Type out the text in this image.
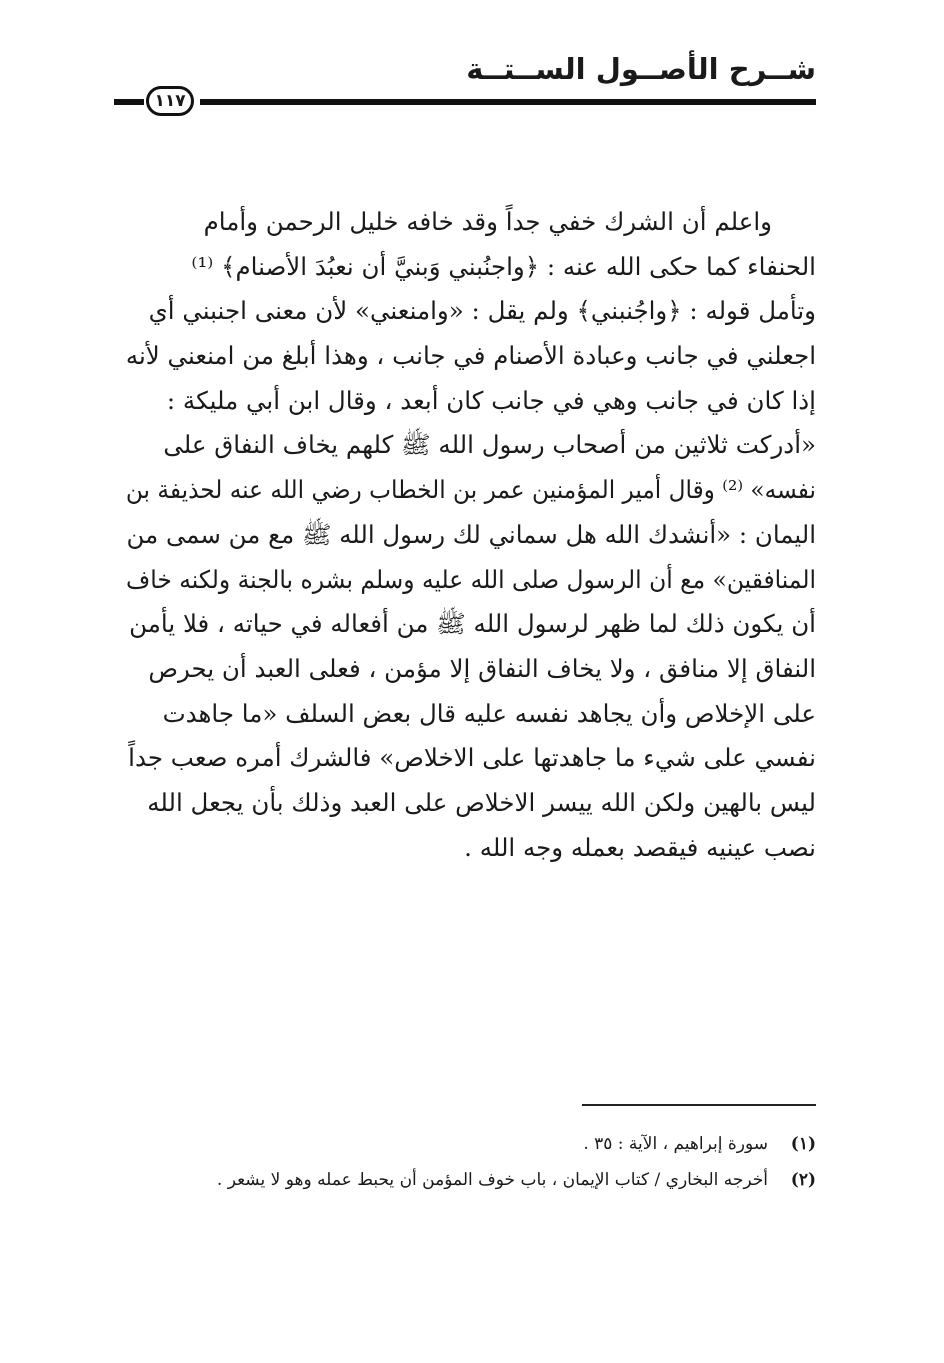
شــرح الأصــول الســتــة
١١٧
واعلم أن الشرك خفي جداً وقد خافه خليل الرحمن وأمام
الحنفاء كما حكى الله عنه : ﴿واجنُبني وَبنيَّ أن نعبُدَ الأصنام﴾ ⁽¹⁾
وتأمل قوله : ﴿واجُنبني﴾ ولم يقل : «وامنعني» لأن معنى اجنبني أي
اجعلني في جانب وعبادة الأصنام في جانب ، وهذا أبلغ من امنعني لأنه
إذا كان في جانب وهي في جانب كان أبعد ، وقال ابن أبي مليكة :
«أدركت ثلاثين من أصحاب رسول الله ﷺ كلهم يخاف النفاق على
نفسه» ⁽²⁾ وقال أمير المؤمنين عمر بن الخطاب رضي الله عنه لحذيفة بن
اليمان : «أنشدك الله هل سماني لك رسول الله ﷺ مع من سمى من
المنافقين» مع أن الرسول صلى الله عليه وسلم بشره بالجنة ولكنه خاف
أن يكون ذلك لما ظهر لرسول الله ﷺ من أفعاله في حياته ، فلا يأمن
النفاق إلا منافق ، ولا يخاف النفاق إلا مؤمن ، فعلى العبد أن يحرص
على الإخلاص وأن يجاهد نفسه عليه قال بعض السلف «ما جاهدت
نفسي على شيء ما جاهدتها على الاخلاص» فالشرك أمره صعب جداً
ليس بالهين ولكن الله ييسر الاخلاص على العبد وذلك بأن يجعل الله
نصب عينيه فيقصد بعمله وجه الله .
(١)
سورة إبراهيم ، الآية : ٣٥ .
(٢)
أخرجه البخاري / كتاب الإيمان ، باب خوف المؤمن أن يحبط عمله وهو لا يشعر .
